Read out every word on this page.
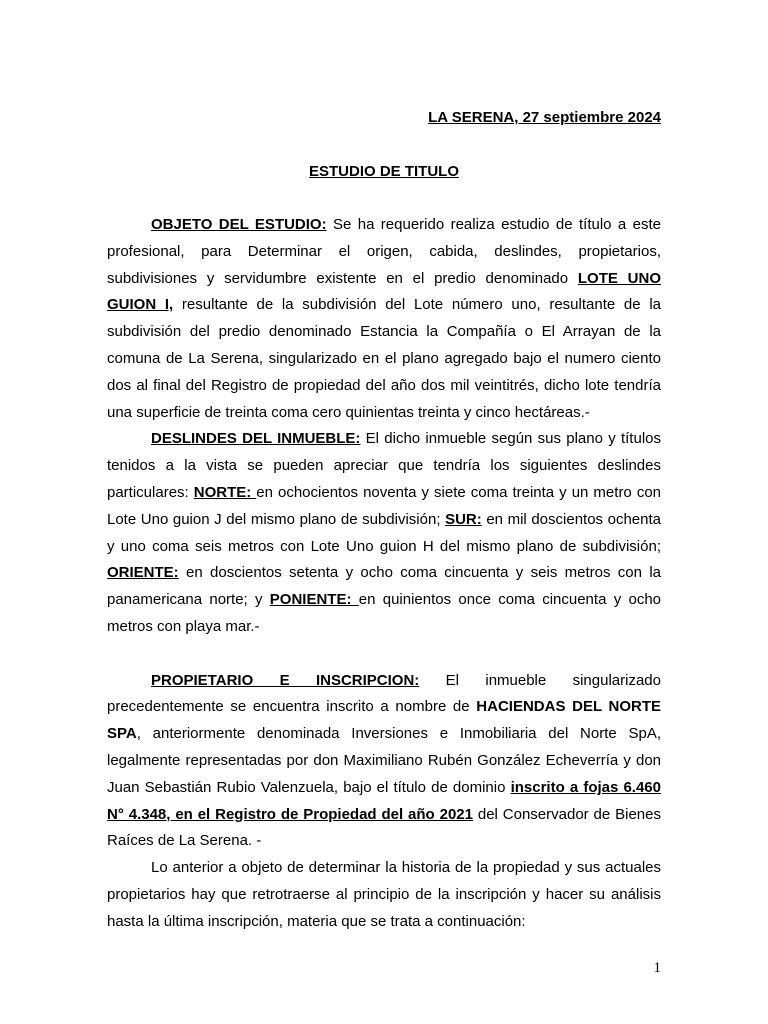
LA SERENA, 27 septiembre 2024
ESTUDIO DE TITULO

OBJETO DEL ESTUDIO: Se ha requerido realiza estudio de título a este profesional, para Determinar el origen, cabida, deslindes, propietarios, subdivisiones y servidumbre existente en el predio denominado LOTE UNO GUION I, resultante de la subdivisión del Lote número uno, resultante de la subdivisión del predio denominado Estancia la Compañía o El Arrayan de la comuna de La Serena, singularizado en el plano agregado bajo el numero ciento dos al final del Registro de propiedad del año dos mil veintitrés, dicho lote tendría una superficie de treinta coma cero quinientas treinta y cinco hectáreas.-

DESLINDES DEL INMUEBLE: El dicho inmueble según sus plano y títulos tenidos a la vista se pueden apreciar que tendría los siguientes deslindes particulares: NORTE: en ochocientos noventa y siete coma treinta y un metro con Lote Uno guion J del mismo plano de subdivisión; SUR: en mil doscientos ochenta y uno coma seis metros con Lote Uno guion H del mismo plano de subdivisión; ORIENTE: en doscientos setenta y ocho coma cincuenta y seis metros con la panamericana norte; y PONIENTE: en quinientos once coma cincuenta y ocho metros con playa mar.-

PROPIETARIO E INSCRIPCION: El inmueble singularizado precedentemente se encuentra inscrito a nombre de HACIENDAS DEL NORTE SPA, anteriormente denominada Inversiones e Inmobiliaria del Norte SpA, legalmente representadas por don Maximiliano Rubén González Echeverría y don Juan Sebastián Rubio Valenzuela, bajo el título de dominio inscrito a fojas 6.460 N° 4.348, en el Registro de Propiedad del año 2021 del Conservador de Bienes Raíces de La Serena. -

Lo anterior a objeto de determinar la historia de la propiedad y sus actuales propietarios hay que retrotraerse al principio de la inscripción y hacer su análisis hasta la última inscripción, materia que se trata a continuación:

1
